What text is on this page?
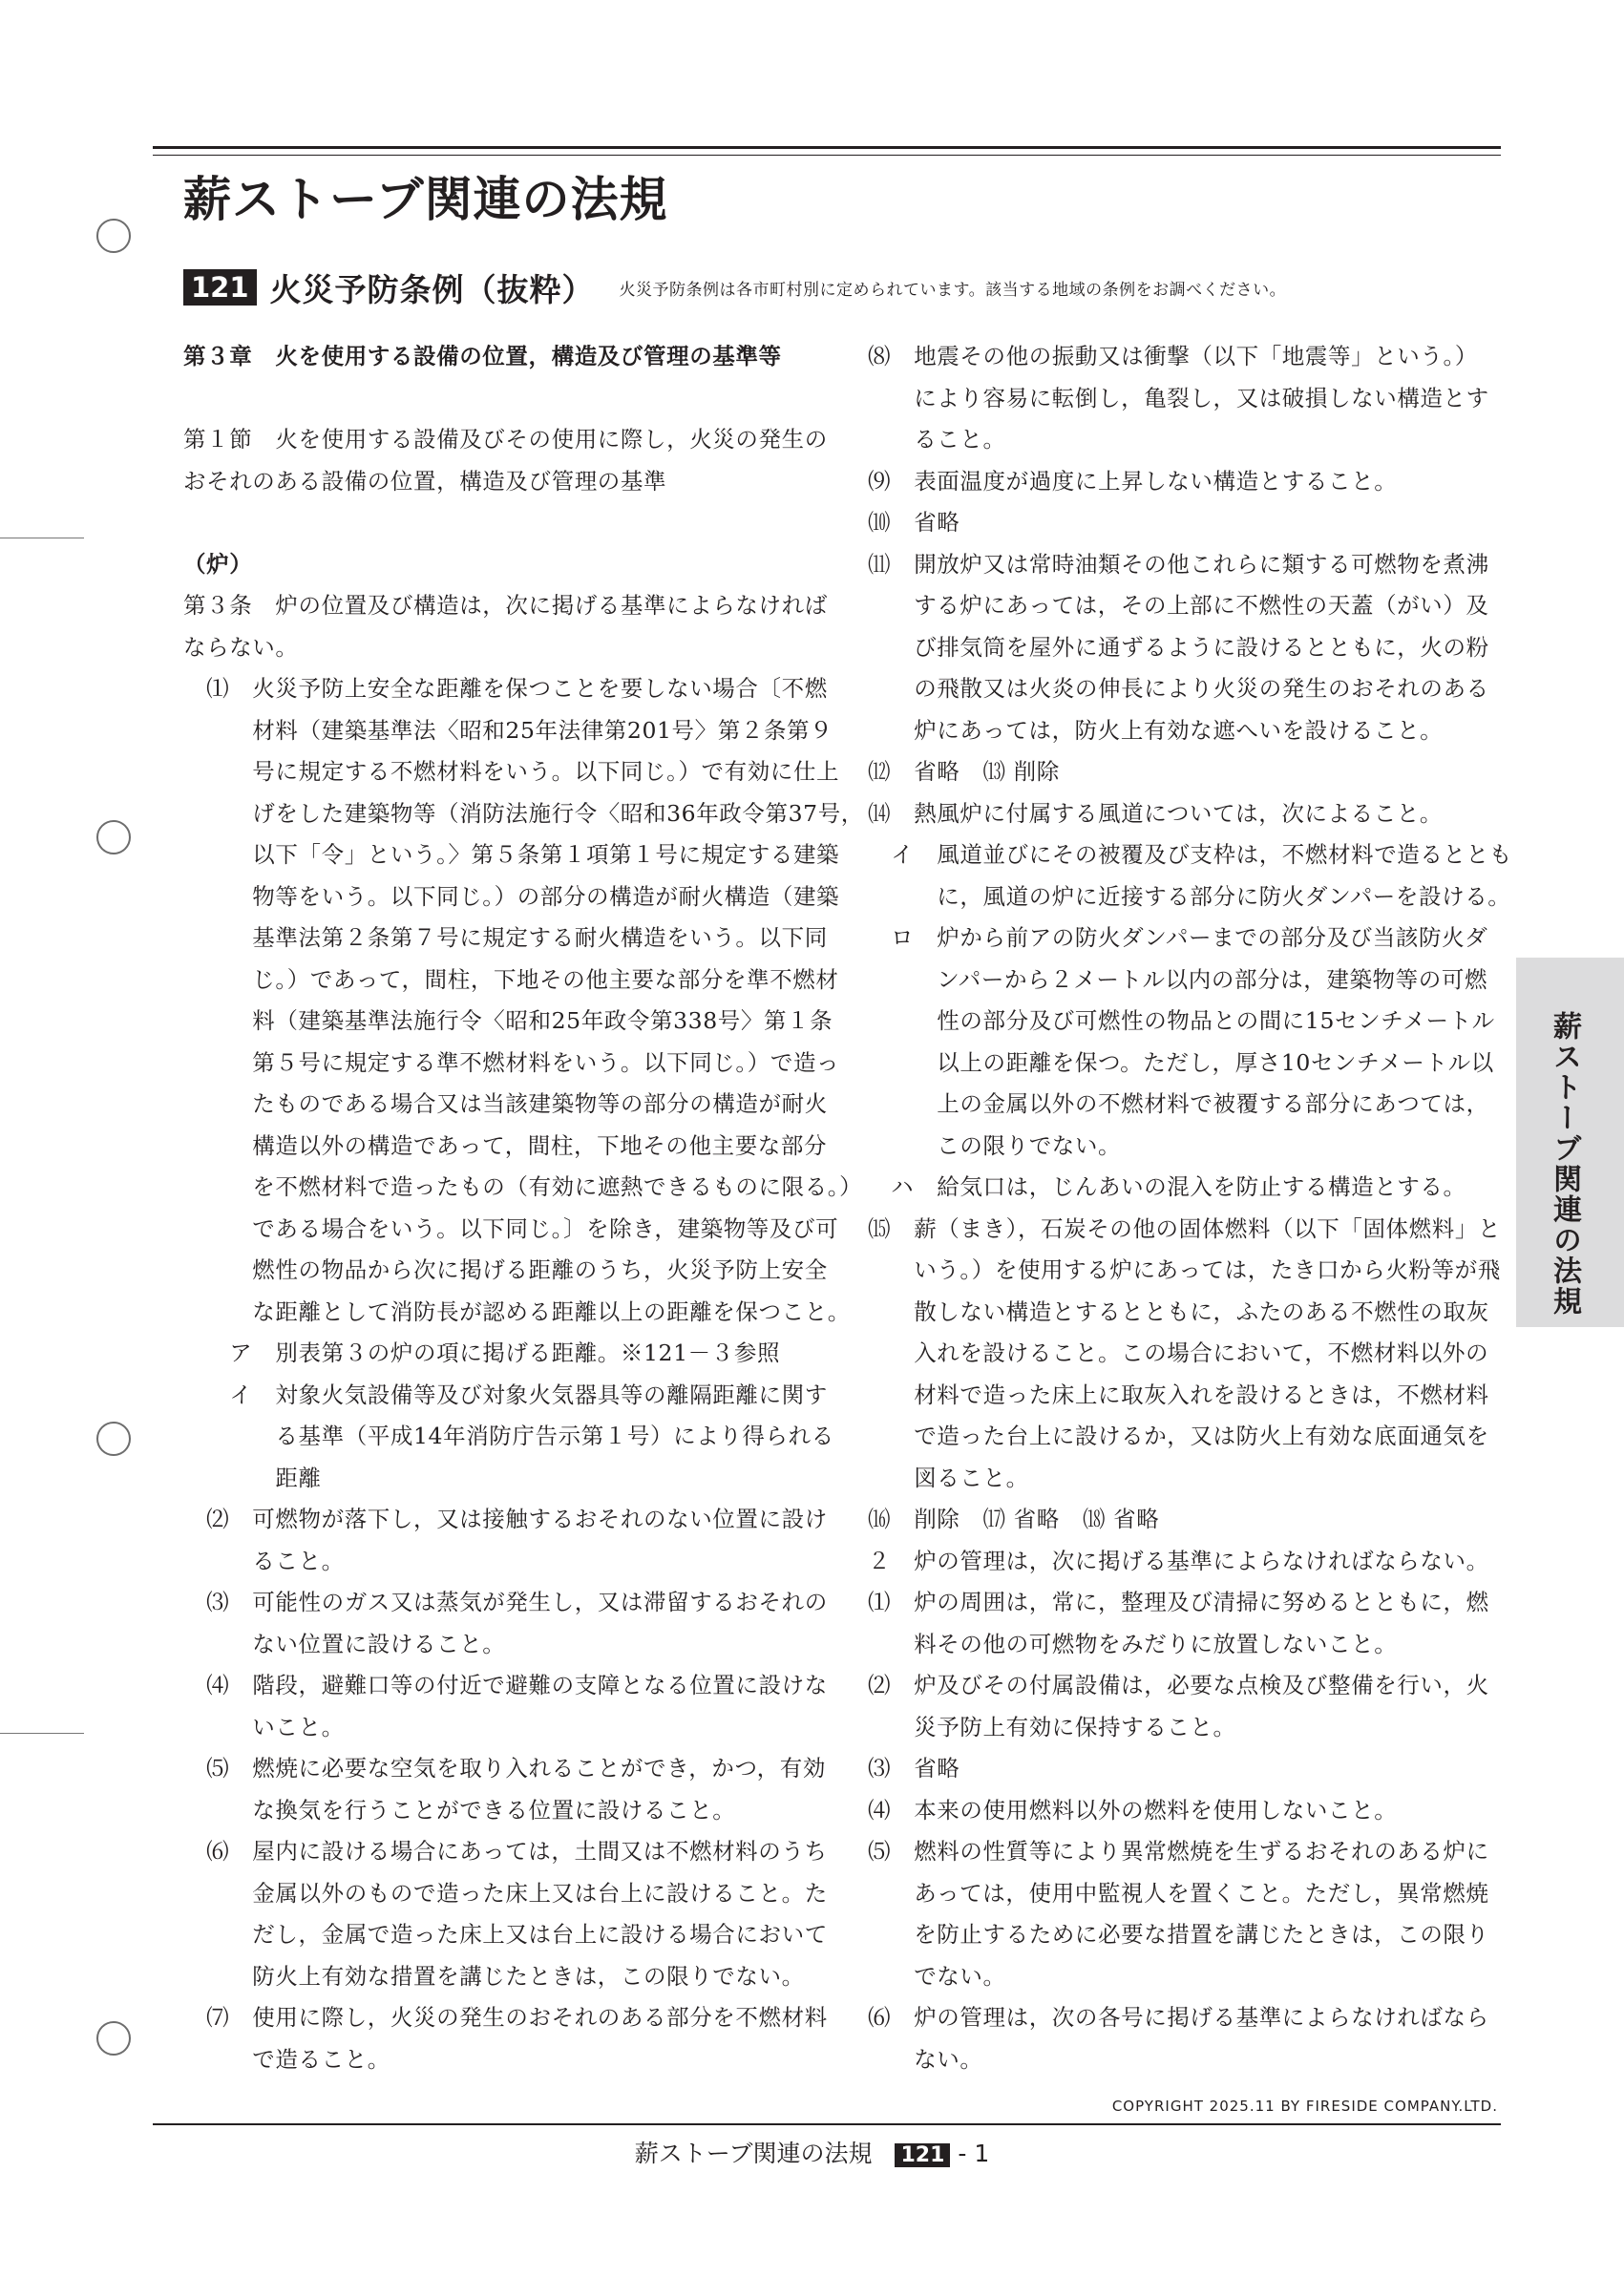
薪ストーブ関連の法規
121 火災予防条例（抜粋） 火災予防条例は各市町村別に定められています。該当する地域の条例をお調べください。
第３章　火を使用する設備の位置，構造及び管理の基準等
第１節　火を使用する設備及びその使用に際し，火災の発生の
おそれのある設備の位置，構造及び管理の基準
（炉）
第３条　炉の位置及び構造は，次に掲げる基準によらなければ
ならない。
　⑴　火災予防上安全な距離を保つことを要しない場合〔不燃
　　　材料（建築基準法〈昭和25年法律第201号〉第２条第９
　　　号に規定する不燃材料をいう。以下同じ。）で有効に仕上
　　　げをした建築物等（消防法施行令〈昭和36年政令第37号，
　　　以下「令」という。〉第５条第１項第１号に規定する建築
　　　物等をいう。以下同じ。）の部分の構造が耐火構造（建築
　　　基準法第２条第７号に規定する耐火構造をいう。以下同
　　　じ。）であって，間柱，下地その他主要な部分を準不燃材
　　　料（建築基準法施行令〈昭和25年政令第338号〉第１条
　　　第５号に規定する準不燃材料をいう。以下同じ。）で造っ
　　　たものである場合又は当該建築物等の部分の構造が耐火
　　　構造以外の構造であって，間柱，下地その他主要な部分
　　　を不燃材料で造ったもの（有効に遮熱できるものに限る。）
　　　である場合をいう。以下同じ。〕を除き，建築物等及び可
　　　燃性の物品から次に掲げる距離のうち，火災予防上安全
　　　な距離として消防長が認める距離以上の距離を保つこと。
　　ア　別表第３の炉の項に掲げる距離。※121－３参照
　　イ　対象火気設備等及び対象火気器具等の離隔距離に関す
　　　　る基準（平成14年消防庁告示第１号）により得られる
　　　　距離
　⑵　可燃物が落下し，又は接触するおそれのない位置に設け
　　　ること。
　⑶　可能性のガス又は蒸気が発生し，又は滞留するおそれの
　　　ない位置に設けること。
　⑷　階段，避難口等の付近で避難の支障となる位置に設けな
　　　いこと。
　⑸　燃焼に必要な空気を取り入れることができ，かつ，有効
　　　な換気を行うことができる位置に設けること。
　⑹　屋内に設ける場合にあっては，土間又は不燃材料のうち
　　　金属以外のもので造った床上又は台上に設けること。た
　　　だし，金属で造った床上又は台上に設ける場合において
　　　防火上有効な措置を講じたときは，この限りでない。
　⑺　使用に際し，火災の発生のおそれのある部分を不燃材料
　　　で造ること。
⑻　地震その他の振動又は衝撃（以下「地震等」という。）
　　により容易に転倒し，亀裂し，又は破損しない構造とす
　　ること。
⑼　表面温度が過度に上昇しない構造とすること。
⑽　省略
⑾　開放炉又は常時油類その他これらに類する可燃物を煮沸
　　する炉にあっては，その上部に不燃性の天蓋（がい）及
　　び排気筒を屋外に通ずるように設けるとともに，火の粉
　　の飛散又は火炎の伸長により火災の発生のおそれのある
　　炉にあっては，防火上有効な遮へいを設けること。
⑿　省略　⒀ 削除
⒁　熱風炉に付属する風道については，次によること。
　イ　風道並びにその被覆及び支枠は，不燃材料で造るととも
　　　に，風道の炉に近接する部分に防火ダンパーを設ける。
　ロ　炉から前アの防火ダンパーまでの部分及び当該防火ダ
　　　ンパーから２メートル以内の部分は，建築物等の可燃
　　　性の部分及び可燃性の物品との間に15センチメートル
　　　以上の距離を保つ。ただし，厚さ10センチメートル以
　　　上の金属以外の不燃材料で被覆する部分にあつては，
　　　この限りでない。
　ハ　給気口は，じんあいの混入を防止する構造とする。
⒂　薪（まき），石炭その他の固体燃料（以下「固体燃料」と
　　いう。）を使用する炉にあっては，たき口から火粉等が飛
　　散しない構造とするとともに，ふたのある不燃性の取灰
　　入れを設けること。この場合において，不燃材料以外の
　　材料で造った床上に取灰入れを設けるときは，不燃材料
　　で造った台上に設けるか，又は防火上有効な底面通気を
　　図ること。
⒃　削除　⒄ 省略　⒅ 省略
２　炉の管理は，次に掲げる基準によらなければならない。
⑴　炉の周囲は，常に，整理及び清掃に努めるとともに，燃
　　料その他の可燃物をみだりに放置しないこと。
⑵　炉及びその付属設備は，必要な点検及び整備を行い，火
　　災予防上有効に保持すること。
⑶　省略
⑷　本来の使用燃料以外の燃料を使用しないこと。
⑸　燃料の性質等により異常燃焼を生ずるおそれのある炉に
　　あっては，使用中監視人を置くこと。ただし，異常燃焼
　　を防止するために必要な措置を講じたときは，この限り
　　でない。
⑹　炉の管理は，次の各号に掲げる基準によらなければなら
　　ない。
薪ストーブ関連の法規
COPYRIGHT 2025.11 BY FIRESIDE COMPANY.LTD.
薪ストーブ関連の法規 121 - 1
